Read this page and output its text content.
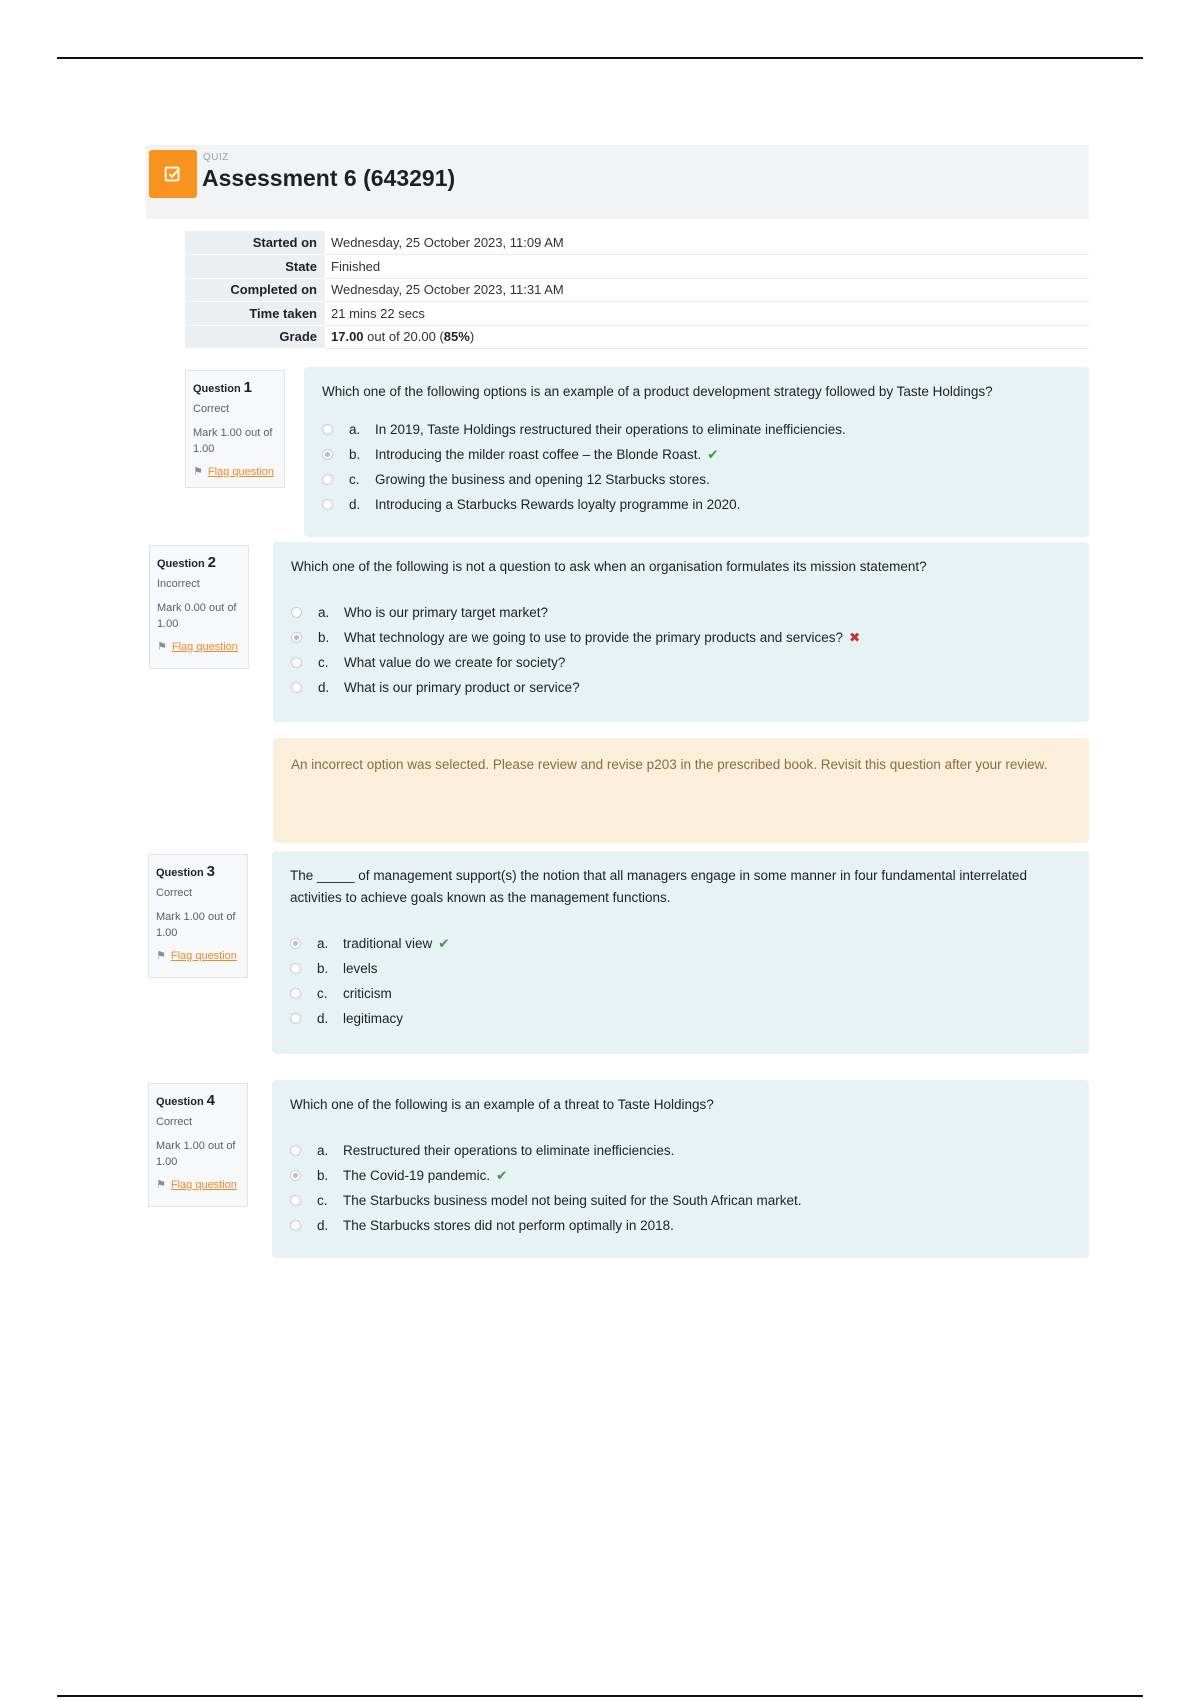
QUIZ
Assessment 6 (643291)
Started on	Wednesday, 25 October 2023, 11:09 AM
State	Finished
Completed on	Wednesday, 25 October 2023, 11:31 AM
Time taken	21 mins 22 secs
Grade	17.00 out of 20.00 (85%)
Question 1
Correct
Mark 1.00 out of 1.00
⚑ Flag question
Which one of the following options is an example of a product development strategy followed by Taste Holdings?
a.	In 2019, Taste Holdings restructured their operations to eliminate inefficiencies.
b.	Introducing the milder roast coffee – the Blonde Roast. ✔
c.	Growing the business and opening 12 Starbucks stores.
d.	Introducing a Starbucks Rewards loyalty programme in 2020.
Question 2
Incorrect
Mark 0.00 out of 1.00
⚑ Flag question
Which one of the following is not a question to ask when an organisation formulates its mission statement?
a.	Who is our primary target market?
b.	What technology are we going to use to provide the primary products and services? ✖
c.	What value do we create for society?
d.	What is our primary product or service?
An incorrect option was selected. Please review and revise p203 in the prescribed book. Revisit this question after your review.
Question 3
Correct
Mark 1.00 out of 1.00
⚑ Flag question
The _____ of management support(s) the notion that all managers engage in some manner in four fundamental interrelated activities to achieve goals known as the management functions.
a.	traditional view ✔
b.	levels
c.	criticism
d.	legitimacy
Question 4
Correct
Mark 1.00 out of 1.00
⚑ Flag question
Which one of the following is an example of a threat to Taste Holdings?
a.	Restructured their operations to eliminate inefficiencies.
b.	The Covid-19 pandemic. ✔
c.	The Starbucks business model not being suited for the South African market.
d.	The Starbucks stores did not perform optimally in 2018.
